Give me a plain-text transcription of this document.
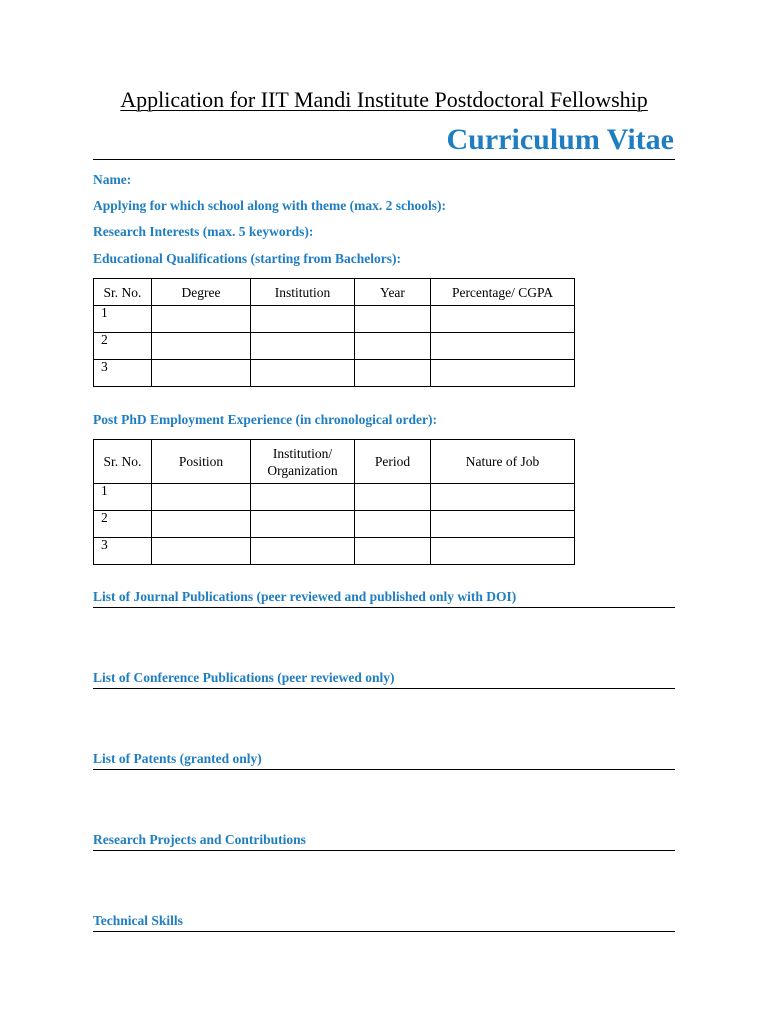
Application for IIT Mandi Institute Postdoctoral Fellowship
Curriculum Vitae
Name:
Applying for which school along with theme (max. 2 schools):
Research Interests (max. 5 keywords):
Educational Qualifications (starting from Bachelors):
Sr. No.	Degree	Institution	Year	Percentage/ CGPA
1				
2				
3				
Post PhD Employment Experience (in chronological order):
Sr. No.	Position	Institution/ Organization	Period	Nature of Job
1				
2				
3				
List of Journal Publications (peer reviewed and published only with DOI)
List of Conference Publications (peer reviewed only)
List of Patents (granted only)
Research Projects and Contributions
Technical Skills
